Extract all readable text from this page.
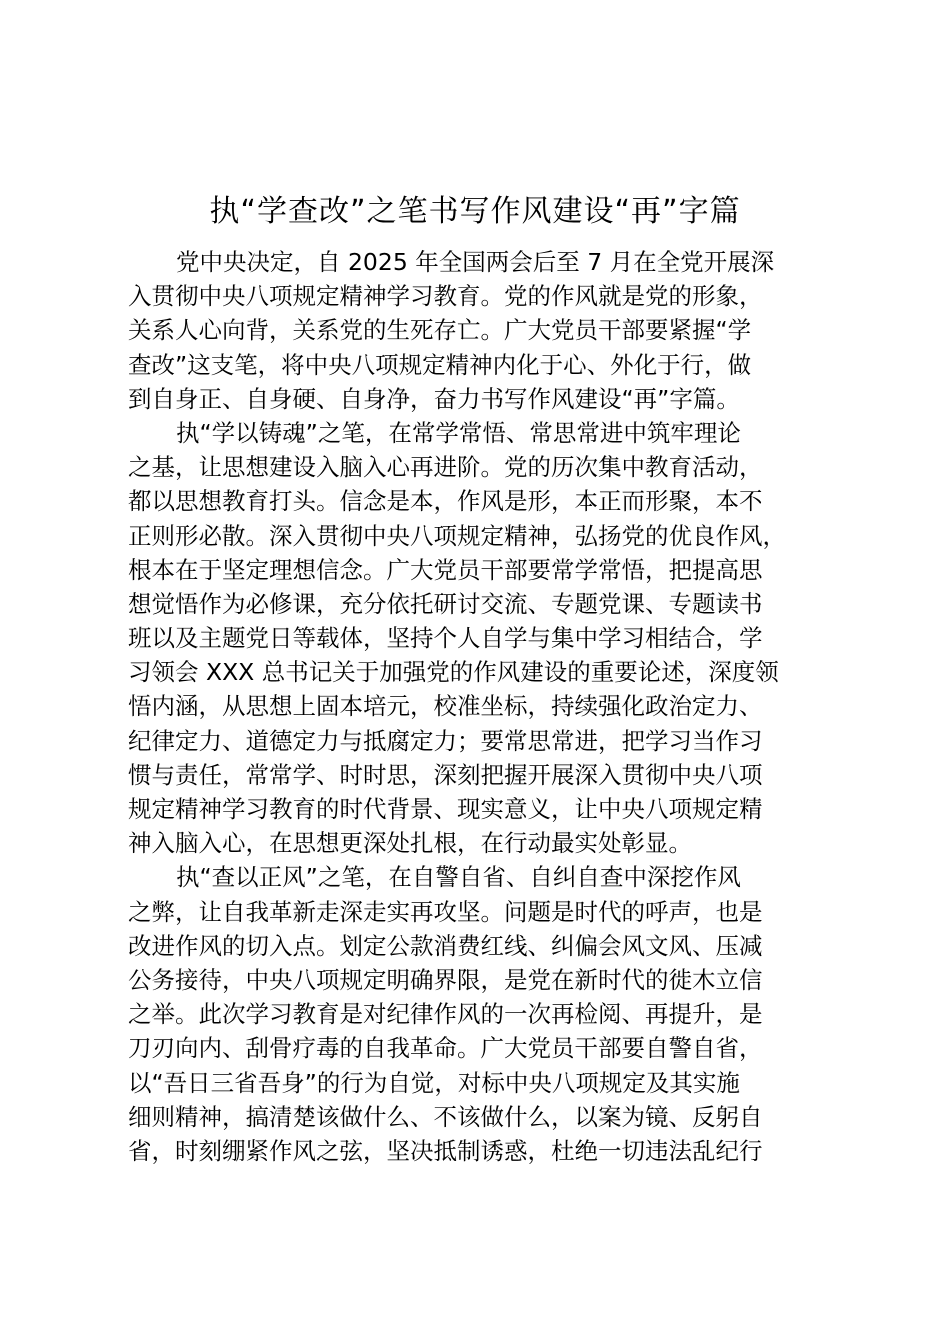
执“学查改”之笔书写作风建设“再”字篇
党中央决定，自 2025 年全国两会后至 7 月在全党开展深
入贯彻中央八项规定精神学习教育。党的作风就是党的形象，
关系人心向背，关系党的生死存亡。广大党员干部要紧握“学
查改”这支笔，将中央八项规定精神内化于心、外化于行，做
到自身正、自身硬、自身净，奋力书写作风建设“再”字篇。
执“学以铸魂”之笔，在常学常悟、常思常进中筑牢理论
之基，让思想建设入脑入心再进阶。党的历次集中教育活动，
都以思想教育打头。信念是本，作风是形，本正而形聚，本不
正则形必散。深入贯彻中央八项规定精神，弘扬党的优良作风，
根本在于坚定理想信念。广大党员干部要常学常悟，把提高思
想觉悟作为必修课，充分依托研讨交流、专题党课、专题读书
班以及主题党日等载体，坚持个人自学与集中学习相结合，学
习领会 XXX 总书记关于加强党的作风建设的重要论述，深度领
悟内涵，从思想上固本培元，校准坐标，持续强化政治定力、
纪律定力、道德定力与抵腐定力；要常思常进，把学习当作习
惯与责任，常常学、时时思，深刻把握开展深入贯彻中央八项
规定精神学习教育的时代背景、现实意义，让中央八项规定精
神入脑入心，在思想更深处扎根，在行动最实处彰显。
执“查以正风”之笔，在自警自省、自纠自查中深挖作风
之弊，让自我革新走深走实再攻坚。问题是时代的呼声，也是
改进作风的切入点。划定公款消费红线、纠偏会风文风、压减
公务接待，中央八项规定明确界限，是党在新时代的徙木立信
之举。此次学习教育是对纪律作风的一次再检阅、再提升，是
刀刃向内、刮骨疗毒的自我革命。广大党员干部要自警自省，
以“吾日三省吾身”的行为自觉，对标中央八项规定及其实施
细则精神，搞清楚该做什么、不该做什么，以案为镜、反躬自
省，时刻绷紧作风之弦，坚决抵制诱惑，杜绝一切违法乱纪行
